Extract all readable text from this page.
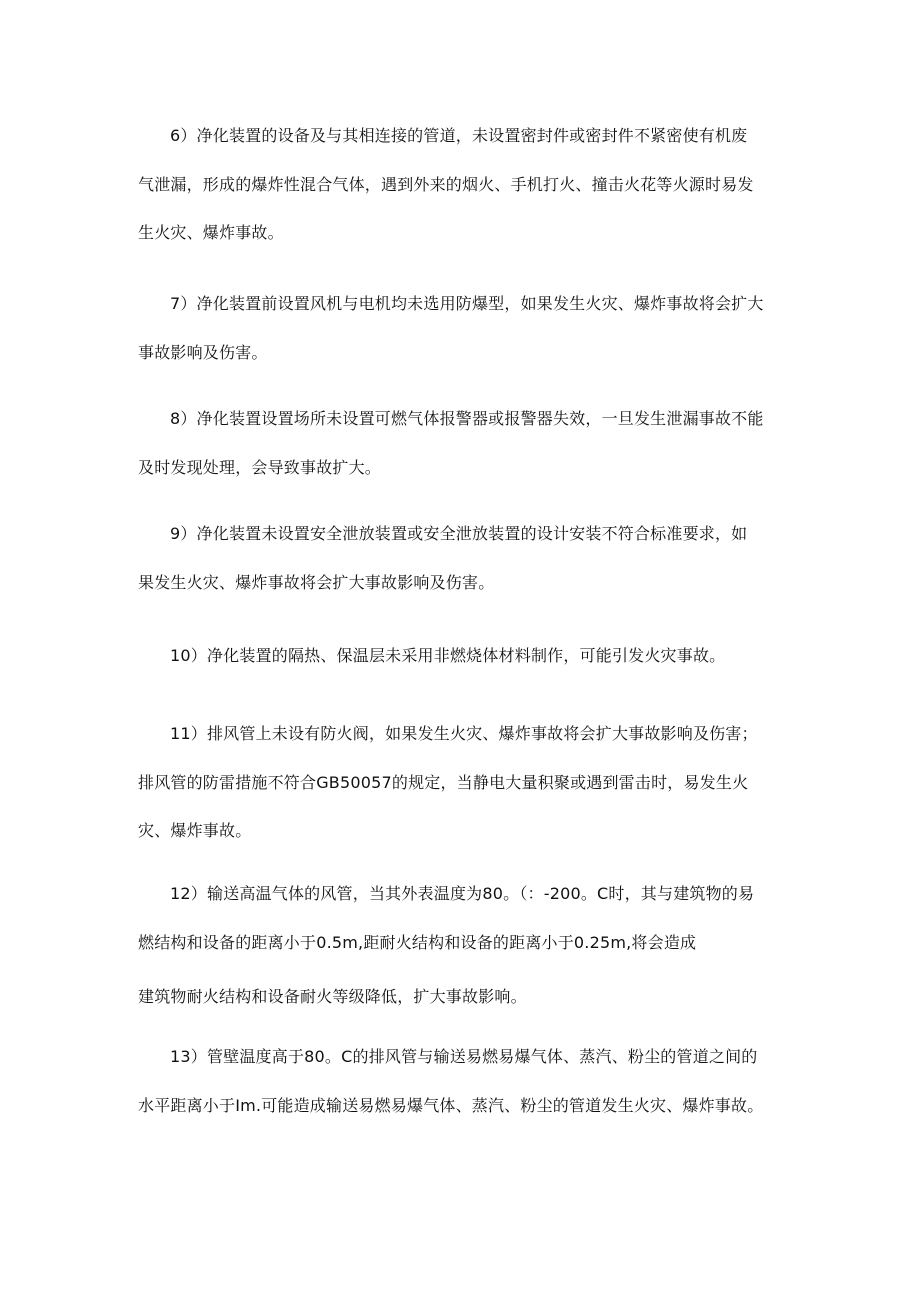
6）净化装置的设备及与其相连接的管道，未设置密封件或密封件不紧密使有机废
气泄漏，形成的爆炸性混合气体，遇到外来的烟火、手机打火、撞击火花等火源时易发
生火灾、爆炸事故。
7）净化装置前设置风机与电机均未选用防爆型，如果发生火灾、爆炸事故将会扩大
事故影响及伤害。
8）净化装置设置场所未设置可燃气体报警器或报警器失效，一旦发生泄漏事故不能
及时发现处理，会导致事故扩大。
9）净化装置未设置安全泄放装置或安全泄放装置的设计安装不符合标准要求，如
果发生火灾、爆炸事故将会扩大事故影响及伤害。
10）净化装置的隔热、保温层未采用非燃烧体材料制作，可能引发火灾事故。
11）排风管上未设有防火阀，如果发生火灾、爆炸事故将会扩大事故影响及伤害；
排风管的防雷措施不符合GB50057的规定，当静电大量积聚或遇到雷击时，易发生火
灾、爆炸事故。
12）输送高温气体的风管，当其外表温度为80。（：-200。C时，其与建筑物的易
燃结构和设备的距离小于0.5m,距耐火结构和设备的距离小于0.25m,将会造成
建筑物耐火结构和设备耐火等级降低，扩大事故影响。
13）管壁温度高于80。C的排风管与输送易燃易爆气体、蒸汽、粉尘的管道之间的
水平距离小于Im.可能造成输送易燃易爆气体、蒸汽、粉尘的管道发生火灾、爆炸事故。
